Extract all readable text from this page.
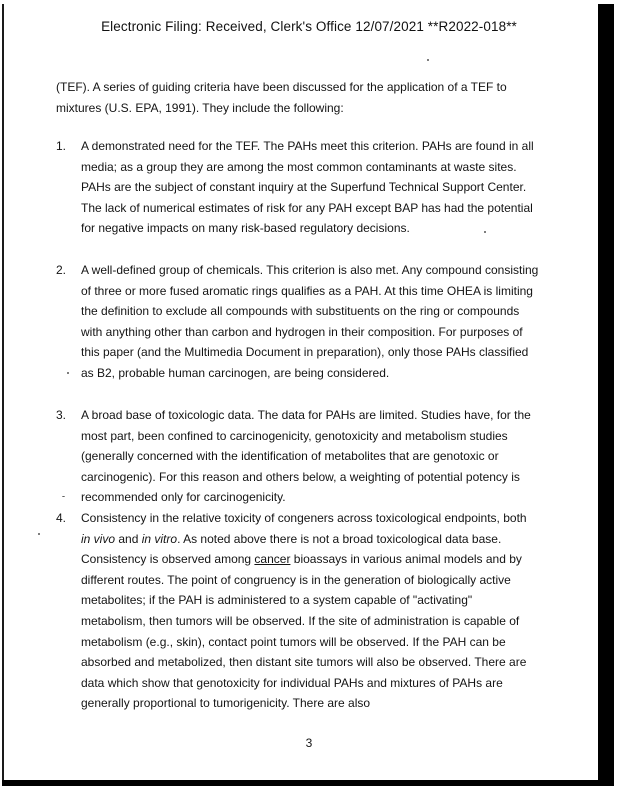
Electronic Filing: Received, Clerk's Office 12/07/2021 **R2022-018**

(TEF). A series of guiding criteria have been discussed for the application of a TEF to mixtures (U.S. EPA, 1991). They include the following:

1. A demonstrated need for the TEF. The PAHs meet this criterion. PAHs are found in all media; as a group they are among the most common contaminants at waste sites. PAHs are the subject of constant inquiry at the Superfund Technical Support Center. The lack of numerical estimates of risk for any PAH except BAP has had the potential for negative impacts on many risk-based regulatory decisions.

2. A well-defined group of chemicals. This criterion is also met. Any compound consisting of three or more fused aromatic rings qualifies as a PAH. At this time OHEA is limiting the definition to exclude all compounds with substituents on the ring or compounds with anything other than carbon and hydrogen in their composition. For purposes of this paper (and the Multimedia Document in preparation), only those PAHs classified as B2, probable human carcinogen, are being considered.

3. A broad base of toxicologic data. The data for PAHs are limited. Studies have, for the most part, been confined to carcinogenicity, genotoxicity and metabolism studies (generally concerned with the identification of metabolites that are genotoxic or carcinogenic). For this reason and others below, a weighting of potential potency is recommended only for carcinogenicity.

4. Consistency in the relative toxicity of congeners across toxicological endpoints, both in vivo and in vitro. As noted above there is not a broad toxicological data base. Consistency is observed among cancer bioassays in various animal models and by different routes. The point of congruency is in the generation of biologically active metabolites; if the PAH is administered to a system capable of "activating" metabolism, then tumors will be observed. If the site of administration is capable of metabolism (e.g., skin), contact point tumors will be observed. If the PAH can be absorbed and metabolized, then distant site tumors will also be observed. There are data which show that genotoxicity for individual PAHs and mixtures of PAHs are generally proportional to tumorigenicity. There are also

3
